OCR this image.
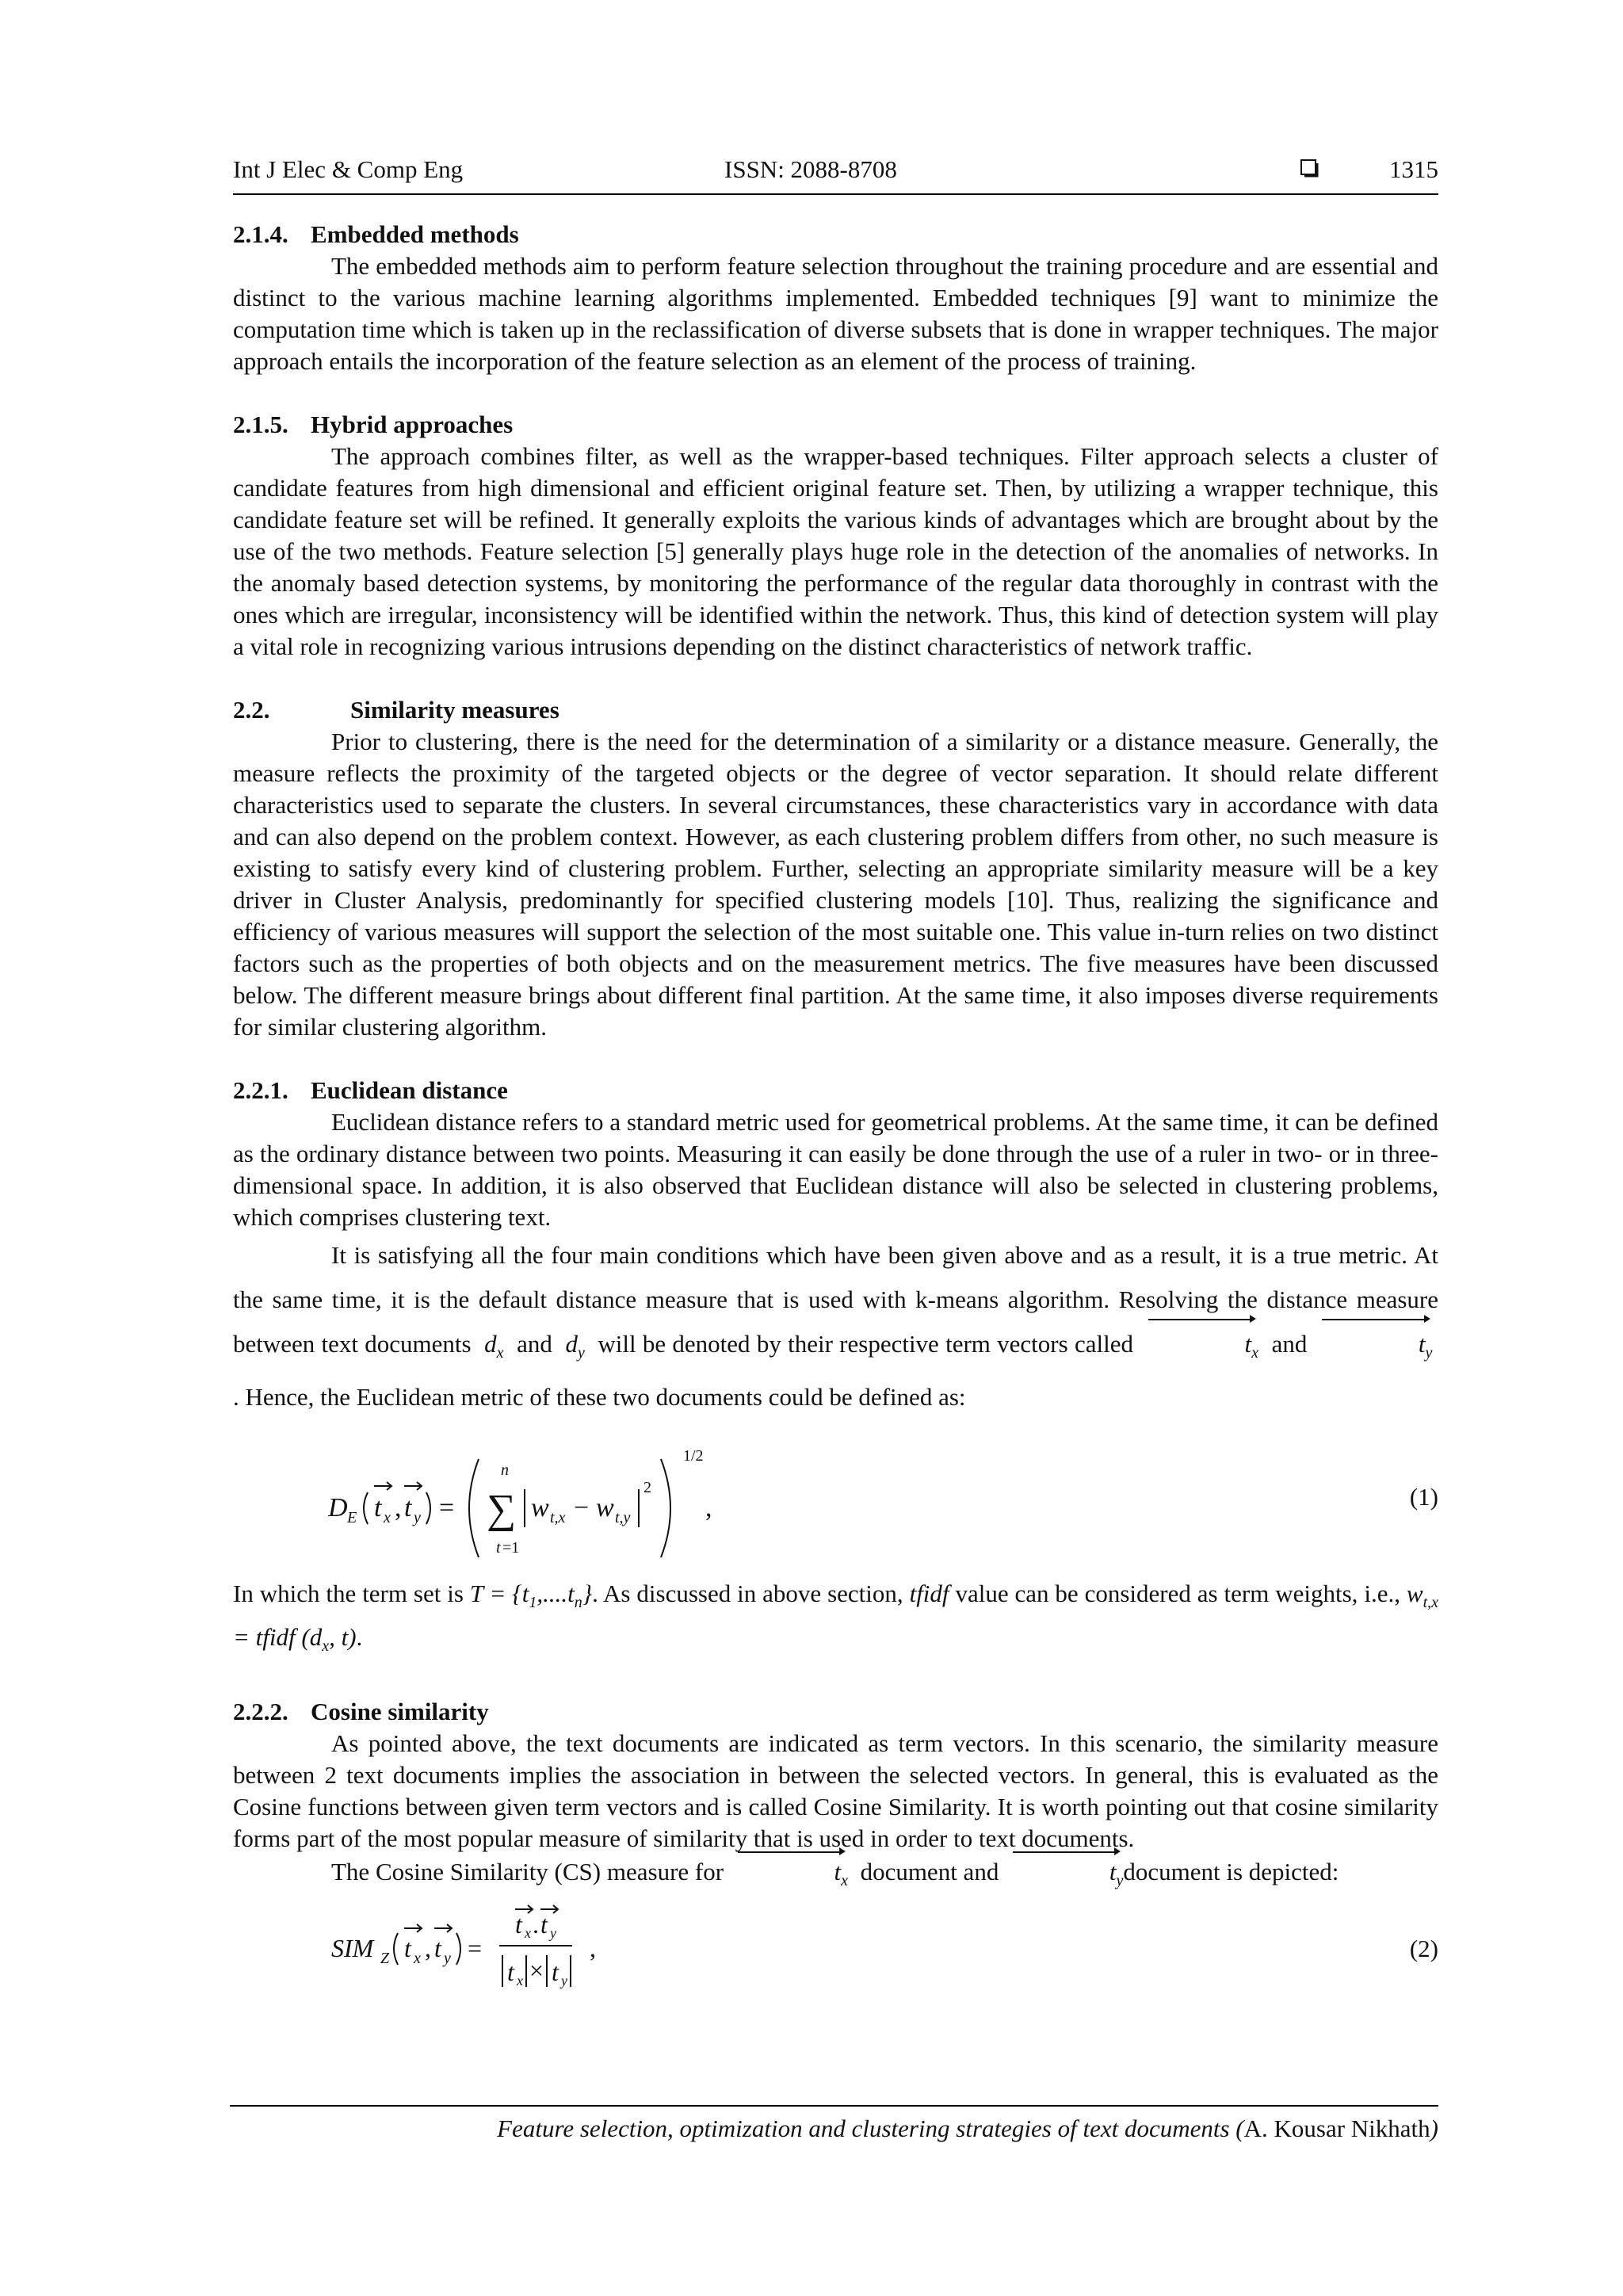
Int J Elec & Comp Eng	ISSN: 2088-8708	1315
2.1.4. Embedded methods

The embedded methods aim to perform feature selection throughout the training procedure and are essential and distinct to the various machine learning algorithms implemented. Embedded techniques [9] want to minimize the computation time which is taken up in the reclassification of diverse subsets that is done in wrapper techniques. The major approach entails the incorporation of the feature selection as an element of the process of training.

2.1.5. Hybrid approaches

The approach combines filter, as well as the wrapper-based techniques. Filter approach selects a cluster of candidate features from high dimensional and efficient original feature set. Then, by utilizing a wrapper technique, this candidate feature set will be refined. It generally exploits the various kinds of advantages which are brought about by the use of the two methods. Feature selection [5] generally plays huge role in the detection of the anomalies of networks. In the anomaly based detection systems, by monitoring the performance of the regular data thoroughly in contrast with the ones which are irregular, inconsistency will be identified within the network. Thus, this kind of detection system will play a vital role in recognizing various intrusions depending on the distinct characteristics of network traffic.

2.2.	Similarity measures

Prior to clustering, there is the need for the determination of a similarity or a distance measure. Generally, the measure reflects the proximity of the targeted objects or the degree of vector separation. It should relate different characteristics used to separate the clusters. In several circumstances, these characteristics vary in accordance with data and can also depend on the problem context. However, as each clustering problem differs from other, no such measure is existing to satisfy every kind of clustering problem. Further, selecting an appropriate similarity measure will be a key driver in Cluster Analysis, predominantly for specified clustering models [10]. Thus, realizing the significance and efficiency of various measures will support the selection of the most suitable one. This value in-turn relies on two distinct factors such as the properties of both objects and on the measurement metrics. The five measures have been discussed below. The different measure brings about different final partition. At the same time, it also imposes diverse requirements for similar clustering algorithm.

2.2.1. Euclidean distance

Euclidean distance refers to a standard metric used for geometrical problems. At the same time, it can be defined as the ordinary distance between two points. Measuring it can easily be done through the use of a ruler in two- or in three-dimensional space. In addition, it is also observed that Euclidean distance will also be selected in clustering problems, which comprises clustering text.

It is satisfying all the four main conditions which have been given above and as a result, it is a true metric. At the same time, it is the default distance measure that is used with k-means algorithm. Resolving the distance measure between text documents  $d_x$ and  $d_y$ will be denoted by their respective term vectors called	$t_x$ and	$t_y$  . Hence, the Euclidean metric of these two documents could be defined as:

D E t x , t y =
n
∑
t =1
w t,x − w t,y
2
1/2
,	(1)

In which the term set is $T = \{t_1,....t_n\}$. As discussed in above section, tfidf value can be considered as term weights, i.e., $w_{t,x}$ = tfidf ($d_x$, t).

2.2.2. Cosine similarity

As pointed above, the text documents are indicated as term vectors. In this scenario, the similarity measure between 2 text documents implies the association in between the selected vectors. In general, this is evaluated as the Cosine functions between given term vectors and is called Cosine Similarity. It is worth pointing out that cosine similarity forms part of the most popular measure of similarity that is used in order to text documents.

The Cosine Similarity (CS) measure for	$t_x$ document and	$t_ydocument$ is depicted:

SIM Z t x , t y =
t x . t y
t x × t y
,	(2)
Feature selection, optimization and clustering strategies of text documents (A. Kousar Nikhath)
